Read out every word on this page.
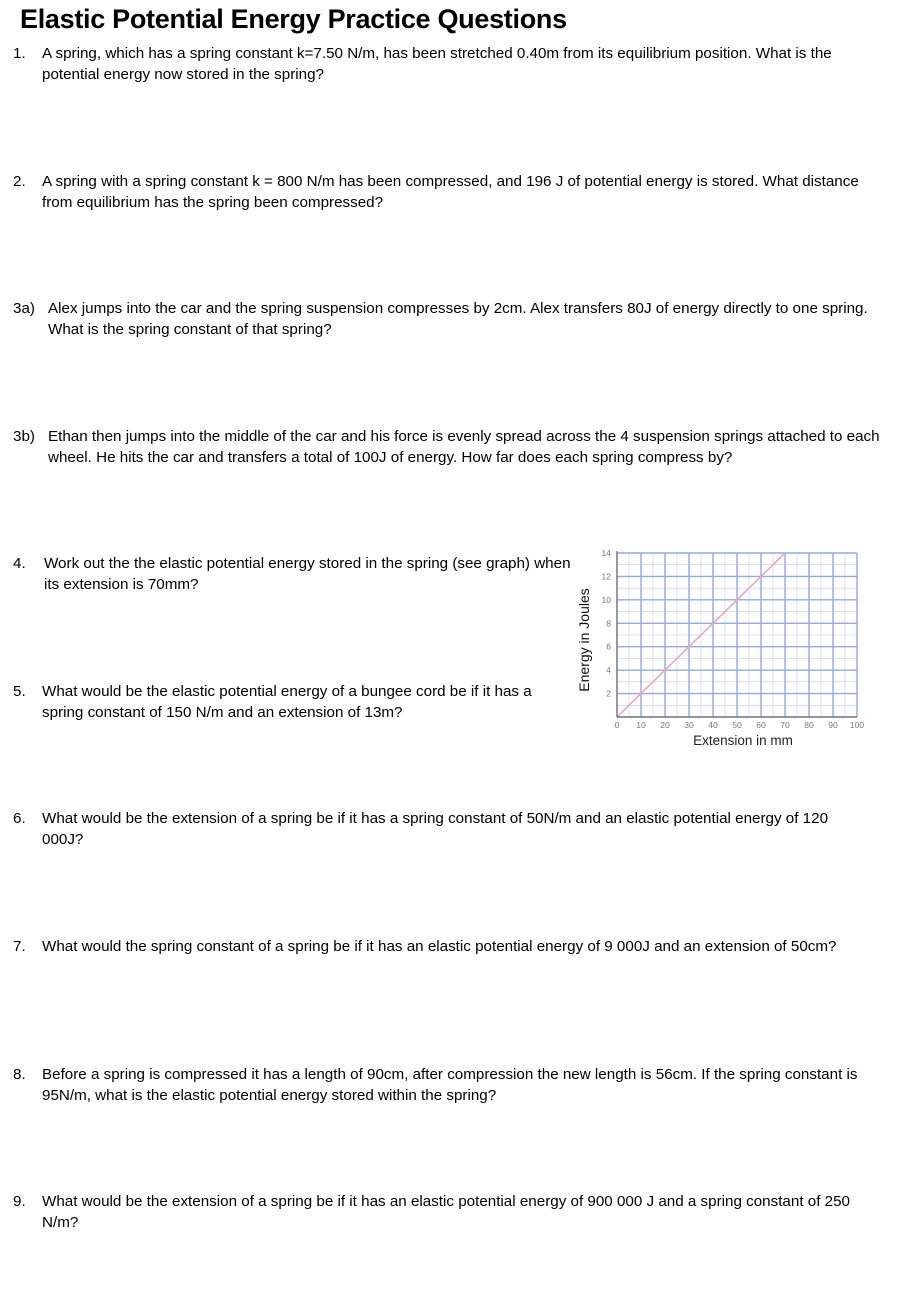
Elastic Potential Energy Practice Questions
1.	A spring, which has a spring constant k=7.50 N/m, has been stretched 0.40m from its equilibrium position. What is the potential energy now stored in the spring?
2.	A spring with a spring constant k = 800 N/m has been compressed, and 196 J of potential energy is stored. What distance from equilibrium has the spring been compressed?
3a) Alex jumps into the car and the spring suspension compresses by 2cm. Alex transfers 80J of energy directly to one spring. What is the spring constant of that spring?
3b) Ethan then jumps into the middle of the car and his force is evenly spread across the 4 suspension springs attached to each wheel. He hits the car and transfers a total of 100J of energy. How far does each spring compress by?
4.	Work out the the elastic potential energy stored in the spring (see graph) when its extension is 70mm?
5.	What would be the elastic potential energy of a bungee cord be if it has a spring constant of 150 N/m and an extension of 13m?
6.	What would be the extension of a spring be if it has a spring constant of 50N/m and an elastic potential energy of 120 000J?
7.	What would the spring constant of a spring be if it has an elastic potential energy of 9 000J and an extension of 50cm?
8.	Before a spring is compressed it has a length of 90cm, after compression the new length is 56cm. If the spring constant is 95N/m, what is the elastic potential energy stored within the spring?
9.	What would be the extension of a spring be if it has an elastic potential energy of 900 000 J and a spring constant of 250 N/m?
0 10 20 30 40 50 60 70 80 90 100
2
4
6
8
10
12
14
Extension in mm
Energy in Joules
